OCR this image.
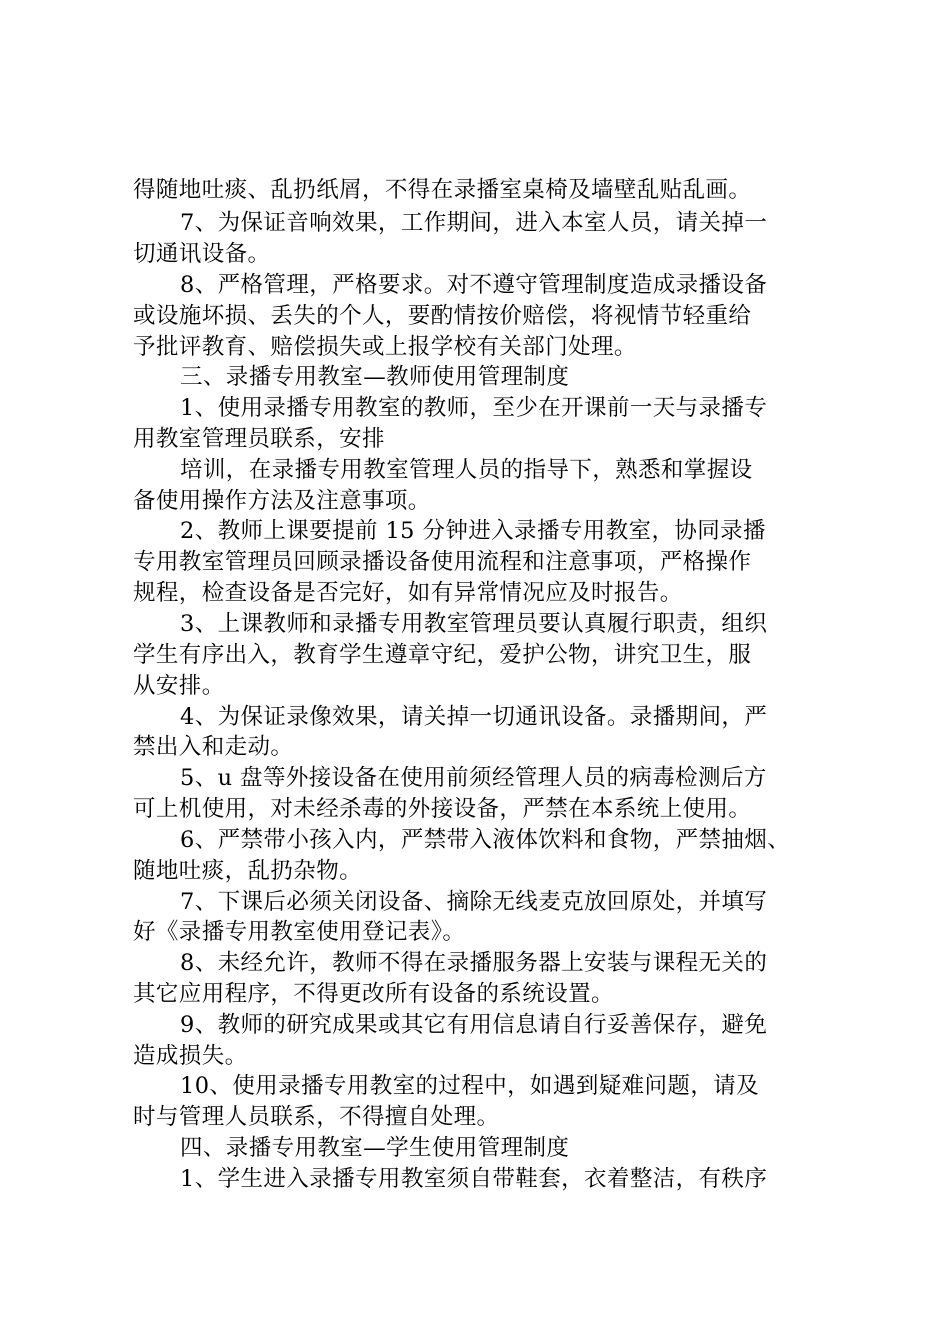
得随地吐痰、乱扔纸屑，不得在录播室桌椅及墙壁乱贴乱画。
7、为保证音响效果，工作期间，进入本室人员，请关掉一
切通讯设备。
8、严格管理，严格要求。对不遵守管理制度造成录播设备
或设施坏损、丢失的个人，要酌情按价赔偿，将视情节轻重给
予批评教育、赔偿损失或上报学校有关部门处理。
三、录播专用教室—教师使用管理制度
1、使用录播专用教室的教师，至少在开课前一天与录播专
用教室管理员联系，安排
培训，在录播专用教室管理人员的指导下，熟悉和掌握设
备使用操作方法及注意事项。
2、教师上课要提前 15 分钟进入录播专用教室，协同录播
专用教室管理员回顾录播设备使用流程和注意事项，严格操作
规程，检查设备是否完好，如有异常情况应及时报告。
3、上课教师和录播专用教室管理员要认真履行职责，组织
学生有序出入，教育学生遵章守纪，爱护公物，讲究卫生，服
从安排。
4、为保证录像效果，请关掉一切通讯设备。录播期间，严
禁出入和走动。
5、u 盘等外接设备在使用前须经管理人员的病毒检测后方
可上机使用，对未经杀毒的外接设备，严禁在本系统上使用。
6、严禁带小孩入内，严禁带入液体饮料和食物，严禁抽烟、
随地吐痰，乱扔杂物。
7、下课后必须关闭设备、摘除无线麦克放回原处，并填写
好《录播专用教室使用登记表》。
8、未经允许，教师不得在录播服务器上安装与课程无关的
其它应用程序，不得更改所有设备的系统设置。
9、教师的研究成果或其它有用信息请自行妥善保存，避免
造成损失。
10、使用录播专用教室的过程中，如遇到疑难问题，请及
时与管理人员联系，不得擅自处理。
四、录播专用教室—学生使用管理制度
1、学生进入录播专用教室须自带鞋套，衣着整洁，有秩序
